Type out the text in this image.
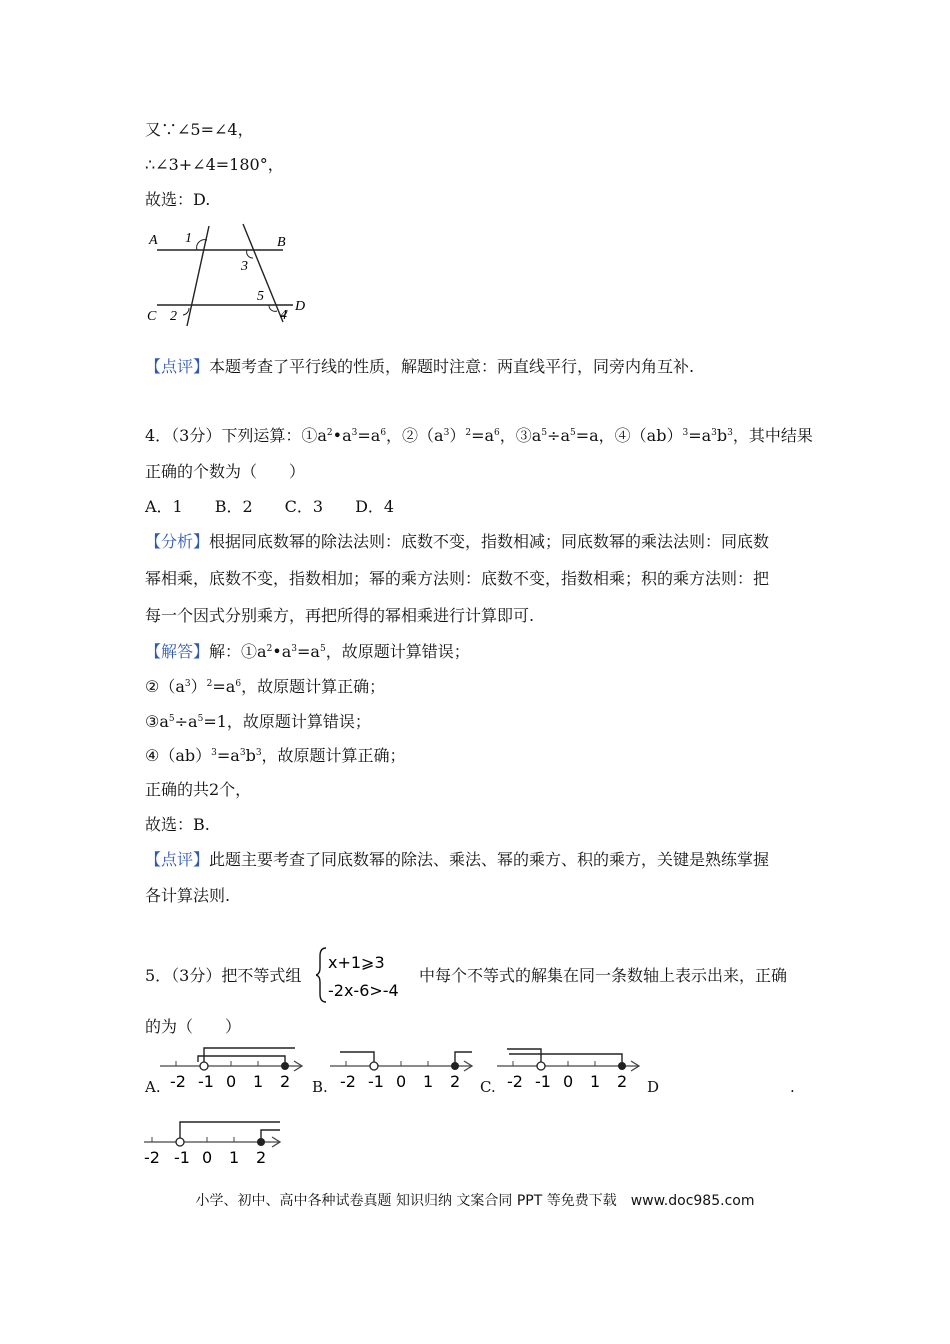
又∵∠5=∠4，
∴∠3+∠4=180°，
故选：D.
A 1	B
3
5
D
C 2	4
【点评】本题考查了平行线的性质，解题时注意：两直线平行，同旁内角互补.
4．（3分）下列运算：$①a^2•a^3=a^6$，$②(a^3)^2=a^6$，$③a^5\div a^5=a$，$④(ab)^3=a^3b^3$，其中结果
正确的个数为（　　）
A．1　　B．2　　C．3　　D．4
【分析】根据同底数幂的除法法则：底数不变，指数相减；同底数幂的乘法法则：同底数
幂相乘，底数不变，指数相加；幂的乘方法则：底数不变，指数相乘；积的乘方法则：把
每一个因式分别乘方，再把所得的幂相乘进行计算即可.
【解答】解：$①a^2•a^3=a^5$，故原题计算错误；
$②(a^3)^2=a^6$，故原题计算正确；
$③a^5\div a^5=1$，故原题计算错误；
$④(ab)^3=a^3b^3$，故原题计算正确；
正确的共2个，
故选：B.
【点评】此题主要考查了同底数幂的除法、乘法、幂的乘方、积的乘方，关键是熟练掌握
各计算法则.
5．（3分）把不等式组
x+1⩾3
-2x-6>-4
中每个不等式的解集在同一条数轴上表示出来，正确
的为（　　）
A.	B.	C.	D	.
-2 -1 0 1 2	-2 -1 0 1 2	-2 -1 0 1 2
-2 -1 0 1 2
小学、初中、高中各种试卷真题 知识归纳 文案合同 PPT 等免费下载　www.doc985.com
